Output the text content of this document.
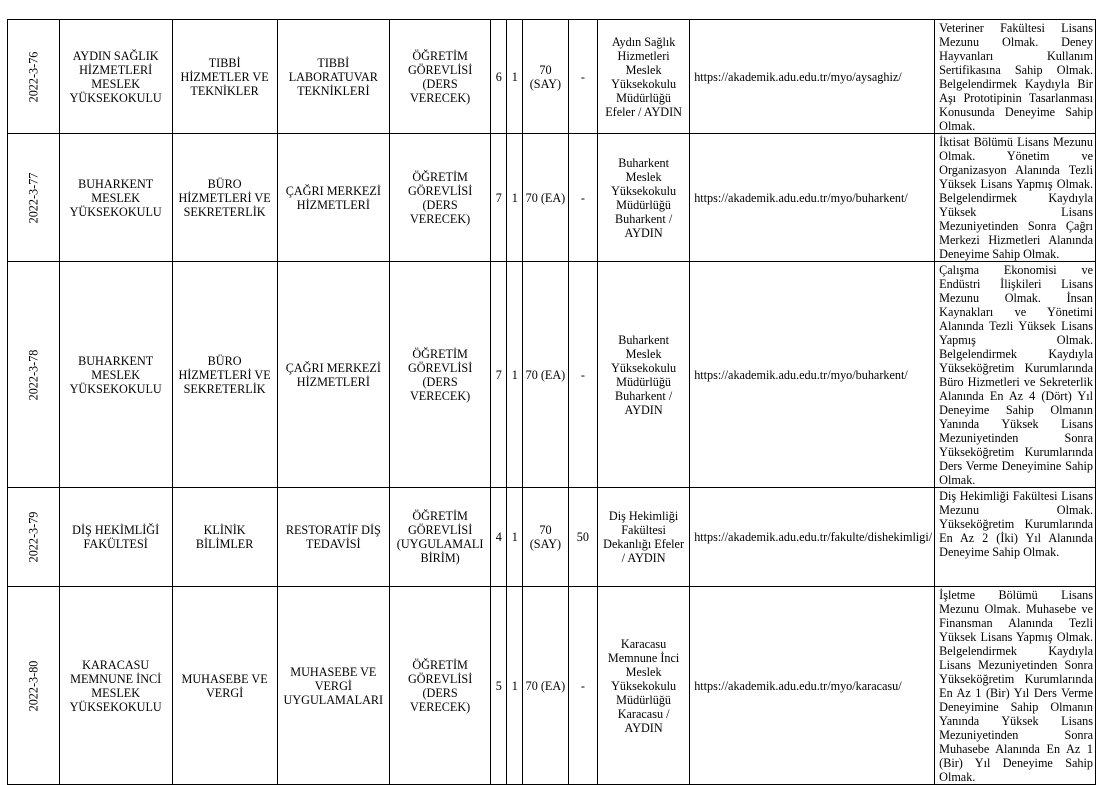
2022-3-76	AYDIN SAĞLIK HİZMETLERİ MESLEK YÜKSEKOKULU	TIBBİ HİZMETLER VE TEKNİKLER	TIBBİ LABORATUVAR TEKNİKLERİ	ÖĞRETİM GÖREVLİSİ (DERS VERECEK)	6	1	70 (SAY)	-	Aydın Sağlık Hizmetleri Meslek Yüksekokulu Müdürlüğü Efeler / AYDIN	https://akademik.adu.edu.tr/myo/aysaghiz/	Veteriner Fakültesi Lisans Mezunu Olmak. Deney Hayvanları Kullanım Sertifikasına Sahip Olmak. Belgelendirmek Kaydıyla Bir Aşı Prototipinin Tasarlanması Konusunda Deneyime Sahip Olmak.
2022-3-77	BUHARKENT MESLEK YÜKSEKOKULU	BÜRO HİZMETLERİ VE SEKRETERLİK	ÇAĞRI MERKEZİ HİZMETLERİ	ÖĞRETİM GÖREVLİSİ (DERS VERECEK)	7	1	70 (EA)	-	Buharkent Meslek Yüksekokulu Müdürlüğü Buharkent / AYDIN	https://akademik.adu.edu.tr/myo/buharkent/	İktisat Bölümü Lisans Mezunu Olmak. Yönetim ve Organizasyon Alanında Tezli Yüksek Lisans Yapmış Olmak. Belgelendirmek Kaydıyla Yüksek Lisans Mezuniyetinden Sonra Çağrı Merkezi Hizmetleri Alanında Deneyime Sahip Olmak.
2022-3-78	BUHARKENT MESLEK YÜKSEKOKULU	BÜRO HİZMETLERİ VE SEKRETERLİK	ÇAĞRI MERKEZİ HİZMETLERİ	ÖĞRETİM GÖREVLİSİ (DERS VERECEK)	7	1	70 (EA)	-	Buharkent Meslek Yüksekokulu Müdürlüğü Buharkent / AYDIN	https://akademik.adu.edu.tr/myo/buharkent/	Çalışma Ekonomisi ve Endüstri İlişkileri Lisans Mezunu Olmak. İnsan Kaynakları ve Yönetimi Alanında Tezli Yüksek Lisans Yapmış Olmak. Belgelendirmek Kaydıyla Yükseköğretim Kurumlarında Büro Hizmetleri ve Sekreterlik Alanında En Az 4 (Dört) Yıl Deneyime Sahip Olmanın Yanında Yüksek Lisans Mezuniyetinden Sonra Yükseköğretim Kurumlarında Ders Verme Deneyimine Sahip Olmak.
2022-3-79	DİŞ HEKİMLİĞİ FAKÜLTESİ	KLİNİK BİLİMLER	RESTORATİF DİŞ TEDAVİSİ	ÖĞRETİM GÖREVLİSİ (UYGULAMALI BİRİM)	4	1	70 (SAY)	50	Diş Hekimliği Fakültesi Dekanlığı Efeler / AYDIN	https://akademik.adu.edu.tr/fakulte/dishekimligi/	Diş Hekimliği Fakültesi Lisans Mezunu Olmak. Yükseköğretim Kurumlarında En Az 2 (İki) Yıl Alanında Deneyime Sahip Olmak.
2022-3-80	KARACASU MEMNUNE İNCİ MESLEK YÜKSEKOKULU	MUHASEBE VE VERGİ	MUHASEBE VE VERGİ UYGULAMALARI	ÖĞRETİM GÖREVLİSİ (DERS VERECEK)	5	1	70 (EA)	-	Karacasu Memnune İnci Meslek Yüksekokulu Müdürlüğü Karacasu / AYDIN	https://akademik.adu.edu.tr/myo/karacasu/	İşletme Bölümü Lisans Mezunu Olmak. Muhasebe ve Finansman Alanında Tezli Yüksek Lisans Yapmış Olmak. Belgelendirmek Kaydıyla Lisans Mezuniyetinden Sonra Yükseköğretim Kurumlarında En Az 1 (Bir) Yıl Ders Verme Deneyimine Sahip Olmanın Yanında Yüksek Lisans Mezuniyetinden Sonra Muhasebe Alanında En Az 1 (Bir) Yıl Deneyime Sahip Olmak.
